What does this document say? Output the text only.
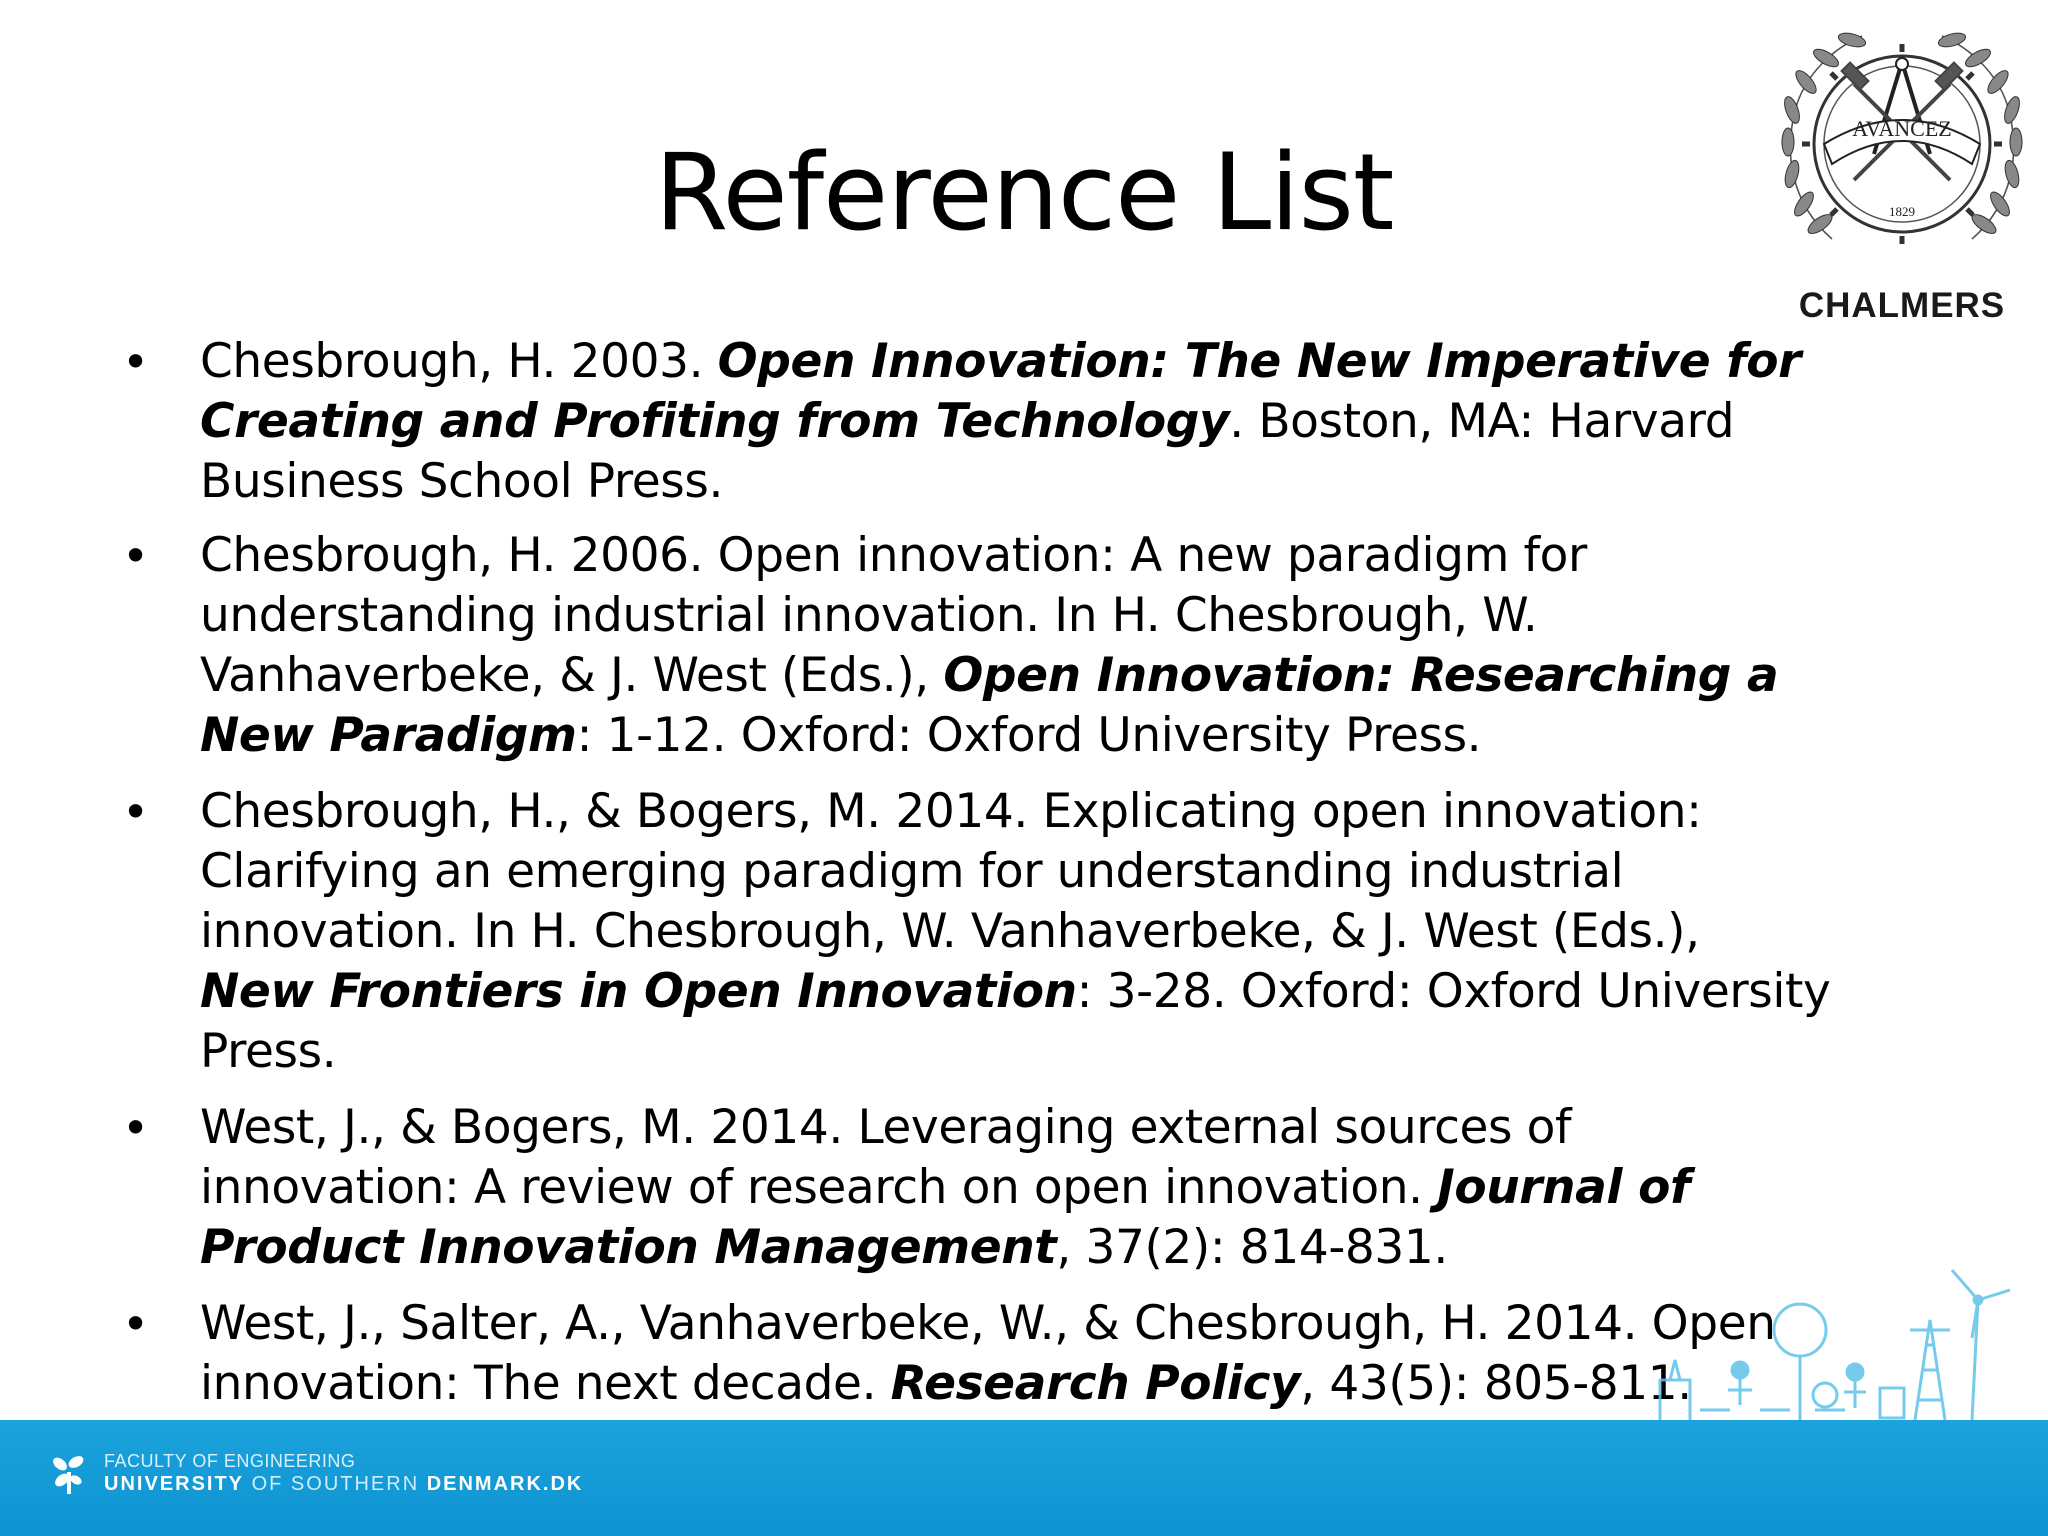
Reference List
AVANCEZ
1829
CHALMERS
• Chesbrough, H. 2003. Open Innovation: The New Imperative for
Creating and Profiting from Technology. Boston, MA: Harvard
Business School Press.
• Chesbrough, H. 2006. Open innovation: A new paradigm for
understanding industrial innovation. In H. Chesbrough, W.
Vanhaverbeke, & J. West (Eds.), Open Innovation: Researching a
New Paradigm: 1-12. Oxford: Oxford University Press.
• Chesbrough, H., & Bogers, M. 2014. Explicating open innovation:
Clarifying an emerging paradigm for understanding industrial
innovation. In H. Chesbrough, W. Vanhaverbeke, & J. West (Eds.),
New Frontiers in Open Innovation: 3-28. Oxford: Oxford University
Press.
• West, J., & Bogers, M. 2014. Leveraging external sources of
innovation: A review of research on open innovation. Journal of
Product Innovation Management, 37(2): 814-831.
• West, J., Salter, A., Vanhaverbeke, W., & Chesbrough, H. 2014. Open
innovation: The next decade. Research Policy, 43(5): 805-811.
FACULTY OF ENGINEERING
UNIVERSITY OF SOUTHERN DENMARK.DK
